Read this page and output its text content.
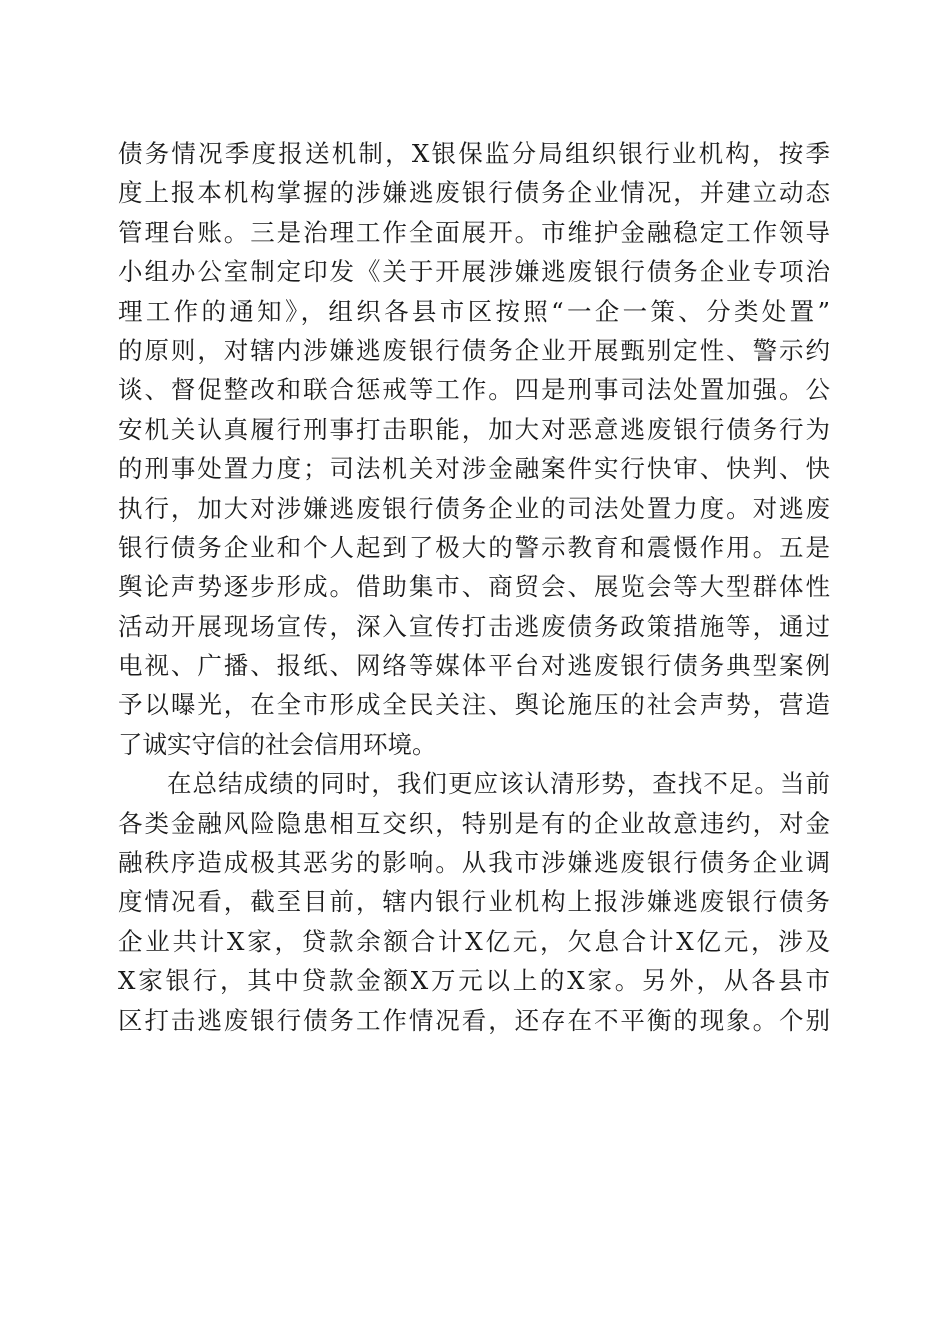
债务情况季度报送机制，X银保监分局组织银行业机构，按季
度上报本机构掌握的涉嫌逃废银行债务企业情况，并建立动态
管理台账。三是治理工作全面展开。市维护金融稳定工作领导
小组办公室制定印发《关于开展涉嫌逃废银行债务企业专项治
理工作的通知》，组织各县市区按照“一企一策、分类处置”
的原则，对辖内涉嫌逃废银行债务企业开展甄别定性、警示约
谈、督促整改和联合惩戒等工作。四是刑事司法处置加强。公
安机关认真履行刑事打击职能，加大对恶意逃废银行债务行为
的刑事处置力度；司法机关对涉金融案件实行快审、快判、快
执行，加大对涉嫌逃废银行债务企业的司法处置力度。对逃废
银行债务企业和个人起到了极大的警示教育和震慑作用。五是
舆论声势逐步形成。借助集市、商贸会、展览会等大型群体性
活动开展现场宣传，深入宣传打击逃废债务政策措施等，通过
电视、广播、报纸、网络等媒体平台对逃废银行债务典型案例
予以曝光，在全市形成全民关注、舆论施压的社会声势，营造
了诚实守信的社会信用环境。
在总结成绩的同时，我们更应该认清形势，查找不足。当前
各类金融风险隐患相互交织，特别是有的企业故意违约，对金
融秩序造成极其恶劣的影响。从我市涉嫌逃废银行债务企业调
度情况看，截至目前，辖内银行业机构上报涉嫌逃废银行债务
企业共计X家，贷款余额合计X亿元，欠息合计X亿元，涉及
X家银行，其中贷款金额X万元以上的X家。另外，从各县市
区打击逃废银行债务工作情况看，还存在不平衡的现象。个别
